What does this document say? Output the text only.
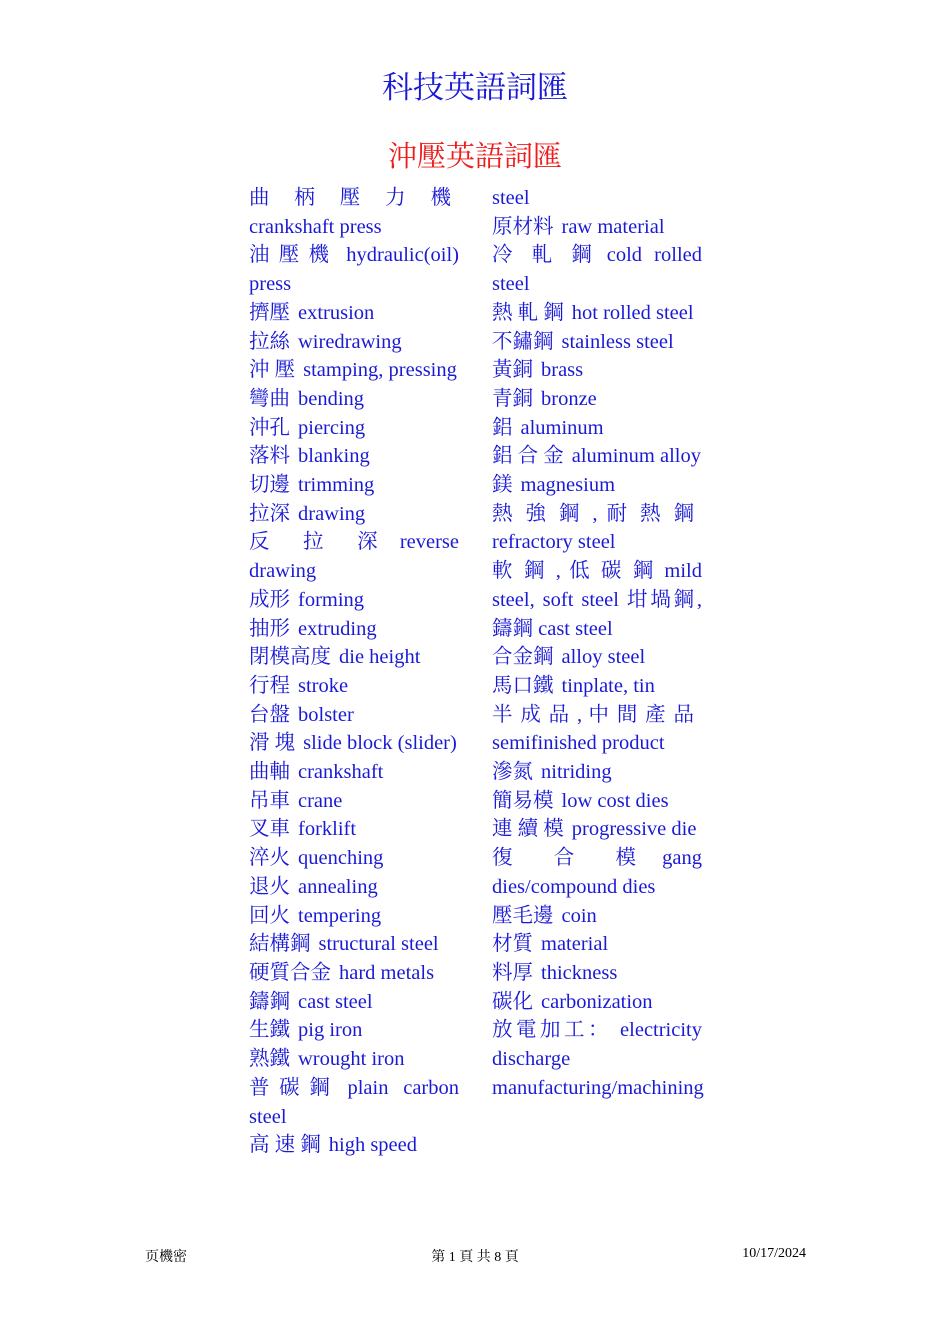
科技英語詞匯
沖壓英語詞匯
曲 柄 壓 力 機crankshaft press
油壓機 hydraulic(oil) press
擠壓 extrusion
拉絲 wiredrawing
沖 壓 stamping, pressing
彎曲 bending
沖孔 piercing
落料 blanking
切邊 trimming
拉深 drawing
反 拉 深 reverse drawing
成形 forming
抽形 extruding
閉模高度 die height
行程 stroke
台盤 bolster
滑 塊 slide block (slider)
曲軸 crankshaft
吊車 crane
叉車 forklift
淬火 quenching
退火 annealing
回火 tempering
結構鋼 structural steel
硬質合金 hard metals
鑄鋼 cast steel
生鐵 pig iron
熟鐵 wrought iron
普碳鋼 plain carbon steel
高 速 鋼 high speed
steel
原材料 raw material
冷 軋 鋼 cold rolled steel
熱 軋 鋼 hot rolled steel
不鏽鋼 stainless steel
黃銅 brass
青銅 bronze
鋁 aluminum
鋁 合 金 aluminum alloy
鎂 magnesium
熱 強 鋼 , 耐 熱 鋼refractory steel
軟 鋼 , 低 碳 鋼 mild steel, soft steel 坩堝鋼,鑄鋼 cast steel
合金鋼 alloy steel
馬口鐵 tinplate, tin
半 成 品 , 中 間 產 品semifinished product
滲氮 nitriding
簡易模 low cost dies
連 續 模 progressive die
復 合 模 gang dies/compound dies
壓毛邊 coin
材質 material
料厚 thickness
碳化 carbonization
放電加工： electricity discharge manufacturing/machining
页機密	第 1 頁 共 8 頁	10/17/2024
